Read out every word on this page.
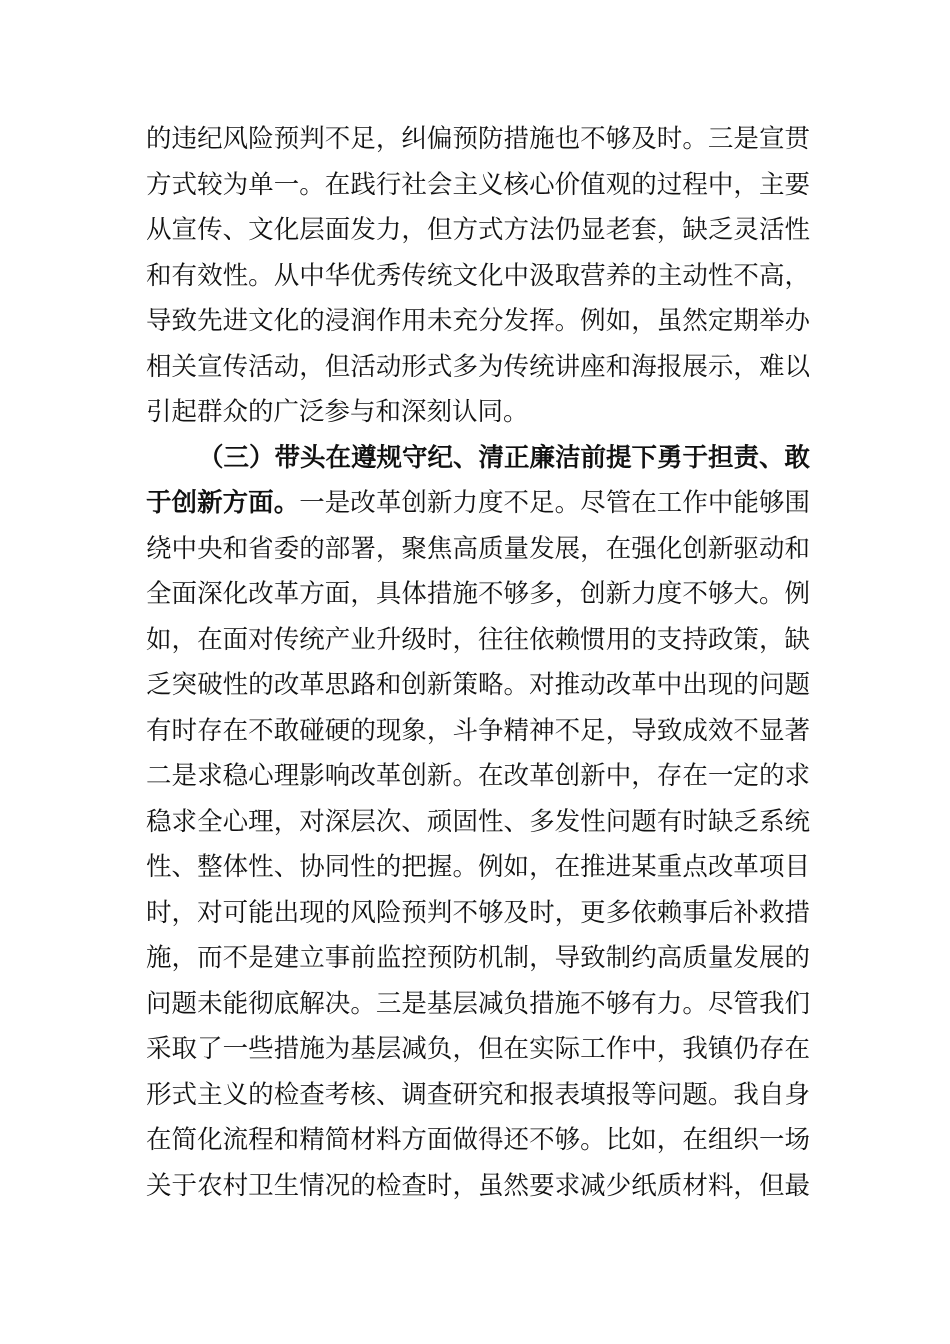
的违纪风险预判不足，纠偏预防措施也不够及时。三是宣贯
方式较为单一。在践行社会主义核心价值观的过程中，主要
从宣传、文化层面发力，但方式方法仍显老套，缺乏灵活性
和有效性。从中华优秀传统文化中汲取营养的主动性不高，
导致先进文化的浸润作用未充分发挥。例如，虽然定期举办
相关宣传活动，但活动形式多为传统讲座和海报展示，难以
引起群众的广泛参与和深刻认同。
（三）带头在遵规守纪、清正廉洁前提下勇于担责、敢
于创新方面。一是改革创新力度不足。尽管在工作中能够围
绕中央和省委的部署，聚焦高质量发展，在强化创新驱动和
全面深化改革方面，具体措施不够多，创新力度不够大。例
如，在面对传统产业升级时，往往依赖惯用的支持政策，缺
乏突破性的改革思路和创新策略。对推动改革中出现的问题
有时存在不敢碰硬的现象，斗争精神不足，导致成效不显著
二是求稳心理影响改革创新。在改革创新中，存在一定的求
稳求全心理，对深层次、顽固性、多发性问题有时缺乏系统
性、整体性、协同性的把握。例如，在推进某重点改革项目
时，对可能出现的风险预判不够及时，更多依赖事后补救措
施，而不是建立事前监控预防机制，导致制约高质量发展的
问题未能彻底解决。三是基层减负措施不够有力。尽管我们
采取了一些措施为基层减负，但在实际工作中，我镇仍存在
形式主义的检查考核、调查研究和报表填报等问题。我自身
在简化流程和精简材料方面做得还不够。比如，在组织一场
关于农村卫生情况的检查时，虽然要求减少纸质材料，但最
